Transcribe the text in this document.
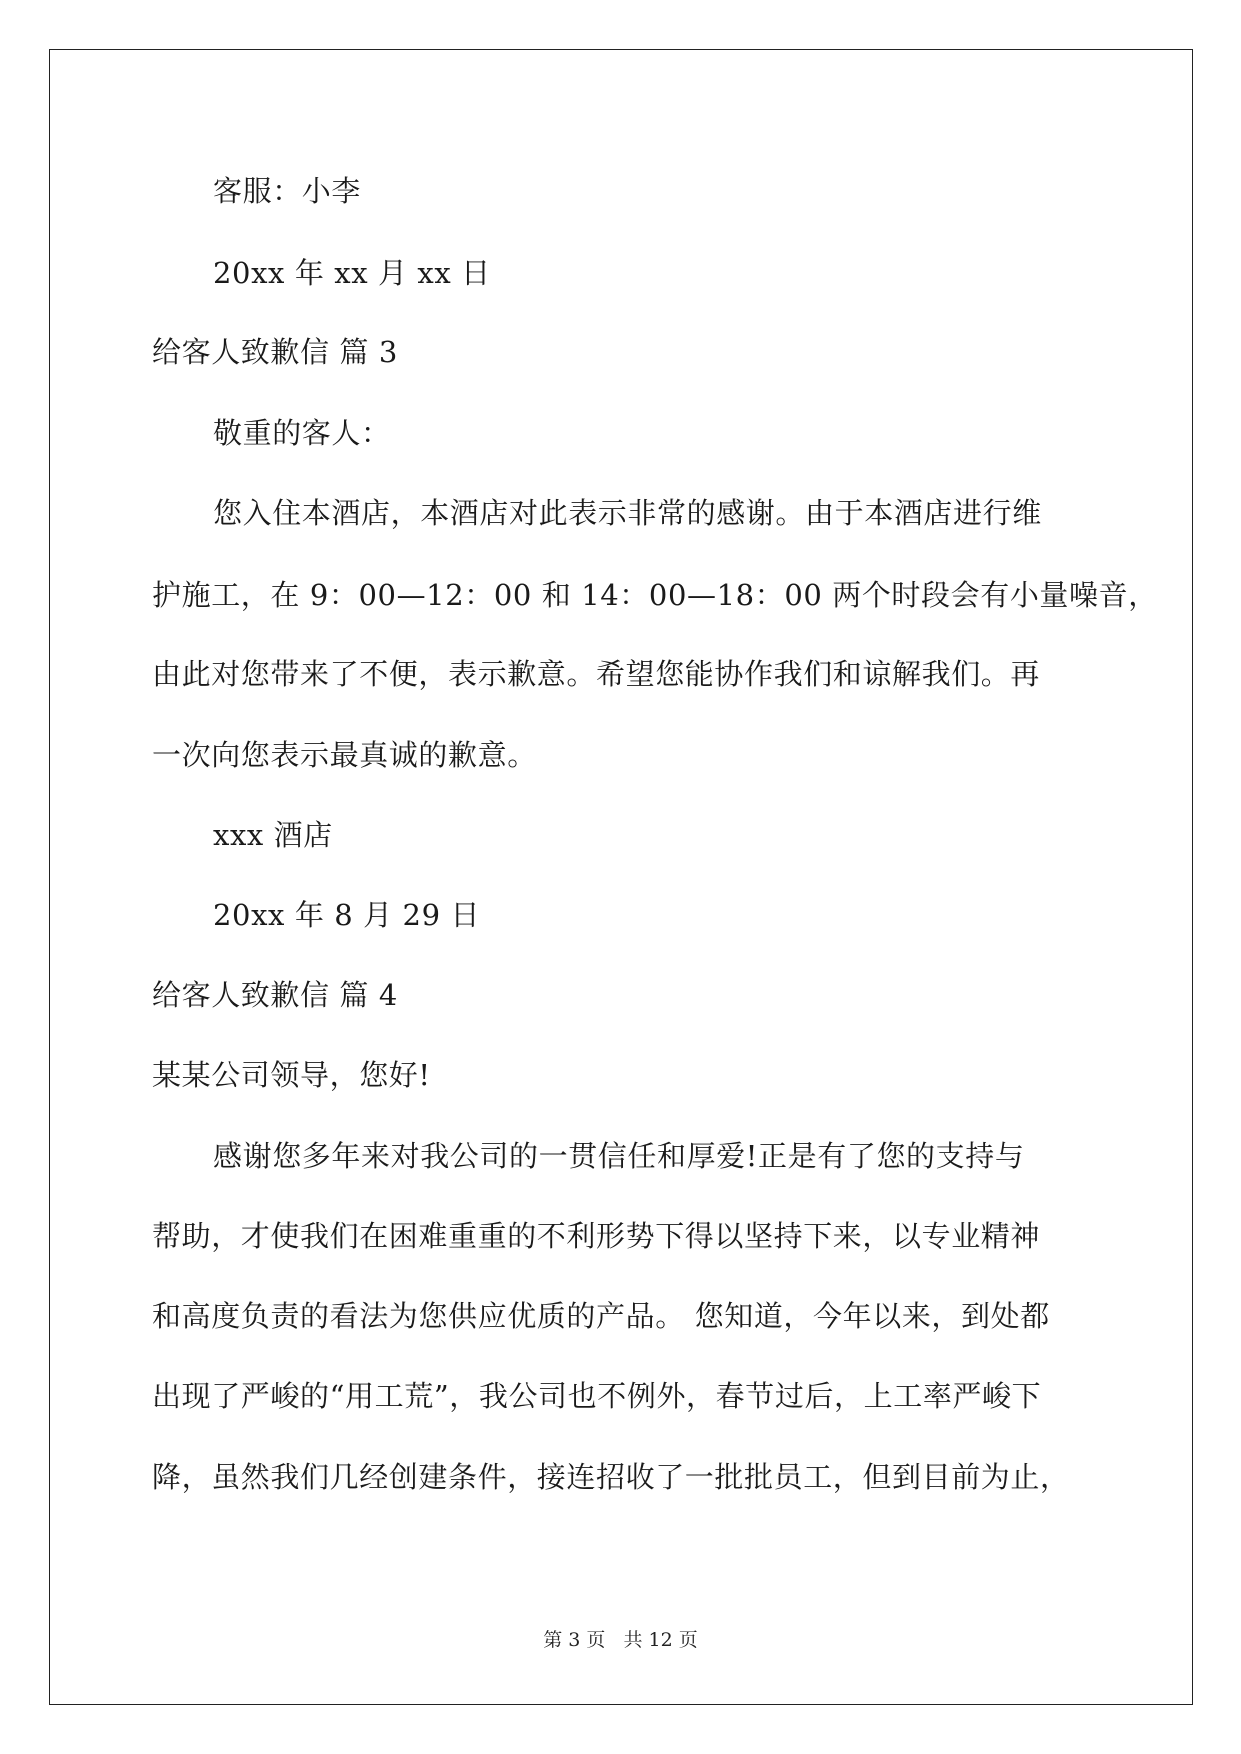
客服：小李
20xx 年 xx 月 xx 日
给客人致歉信 篇 3
敬重的客人：
您入住本酒店，本酒店对此表示非常的感谢。由于本酒店进行维
护施工，在 9：00—12：00 和 14：00—18：00 两个时段会有小量噪音，
由此对您带来了不便，表示歉意。希望您能协作我们和谅解我们。再
一次向您表示最真诚的歉意。
xxx 酒店
20xx 年 8 月 29 日
给客人致歉信 篇 4
某某公司领导，您好!
感谢您多年来对我公司的一贯信任和厚爱!正是有了您的支持与
帮助，才使我们在困难重重的不利形势下得以坚持下来，以专业精神
和高度负责的看法为您供应优质的产品。 您知道，今年以来，到处都
出现了严峻的“用工荒”，我公司也不例外，春节过后，上工率严峻下
降，虽然我们几经创建条件，接连招收了一批批员工，但到目前为止，
第 3 页 共 12 页
